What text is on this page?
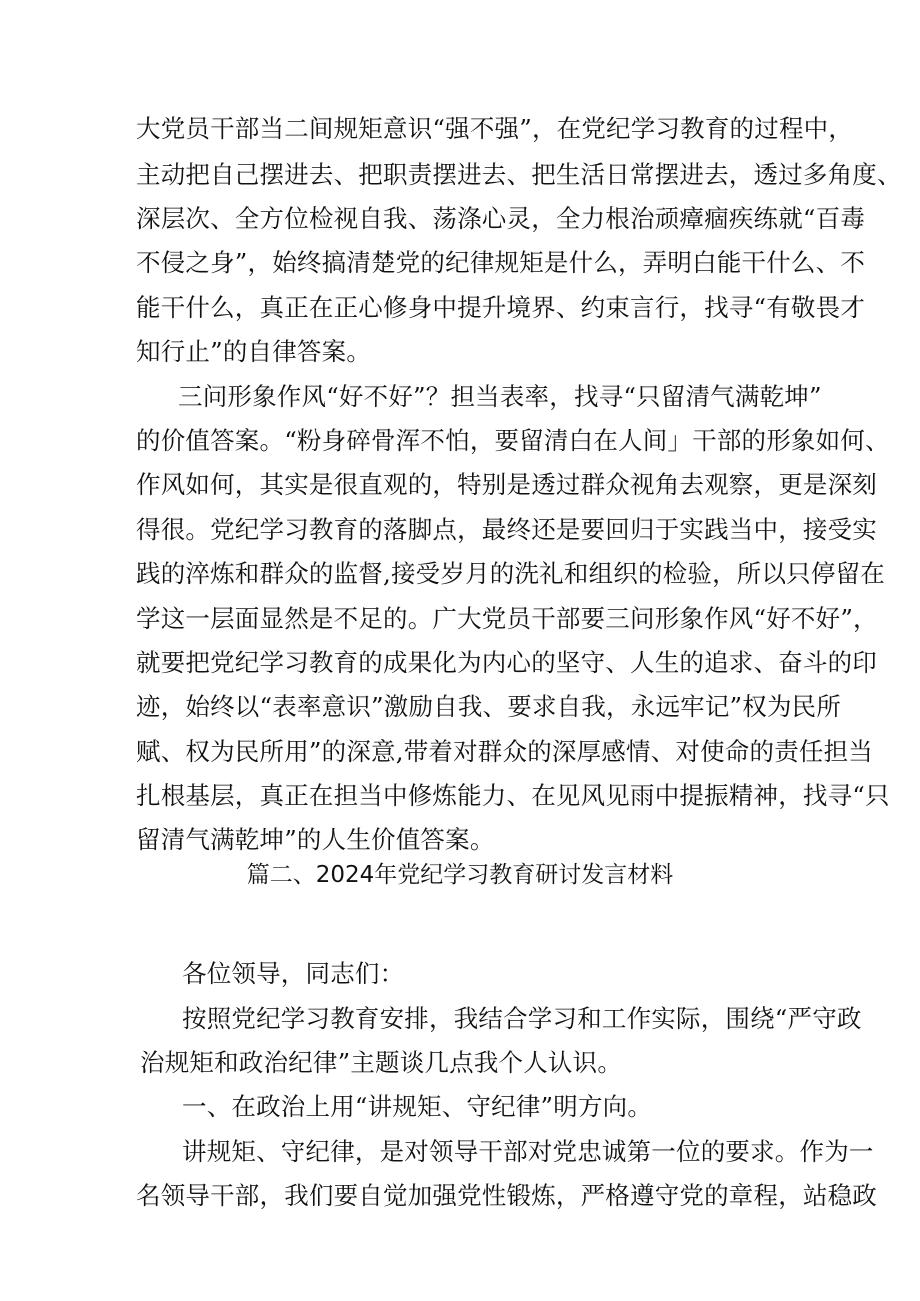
大党员干部当二间规矩意识“强不强”，在党纪学习教育的过程中，
主动把自己摆进去、把职责摆进去、把生活日常摆进去，透过多角度、
深层次、全方位检视自我、荡涤心灵，全力根治顽瘴痼疾练就“百毒
不侵之身”，始终搞清楚党的纪律规矩是什么，弄明白能干什么、不
能干什么，真正在正心修身中提升境界、约束言行，找寻“有敬畏才
知行止”的自律答案。
三问形象作风“好不好”？担当表率，找寻“只留清气满乾坤”
的价值答案。“粉身碎骨浑不怕，要留清白在人间」干部的形象如何、
作风如何，其实是很直观的，特别是透过群众视角去观察，更是深刻
得很。党纪学习教育的落脚点，最终还是要回归于实践当中，接受实
践的淬炼和群众的监督,接受岁月的洗礼和组织的检验，所以只停留在
学这一层面显然是不足的。广大党员干部要三问形象作风“好不好”，
就要把党纪学习教育的成果化为内心的坚守、人生的追求、奋斗的印
迹，始终以“表率意识”激励自我、要求自我，永远牢记”权为民所
赋、权为民所用”的深意,带着对群众的深厚感情、对使命的责任担当
扎根基层，真正在担当中修炼能力、在见风见雨中提振精神，找寻“只
留清气满乾坤”的人生价值答案。
篇二、2024年党纪学习教育研讨发言材料
各位领导，同志们：
按照党纪学习教育安排，我结合学习和工作实际，围绕“严守政
治规矩和政治纪律”主题谈几点我个人认识。
一、在政治上用“讲规矩、守纪律”明方向。
讲规矩、守纪律，是对领导干部对党忠诚第一位的要求。作为一
名领导干部，我们要自觉加强党性锻炼，严格遵守党的章程，站稳政
